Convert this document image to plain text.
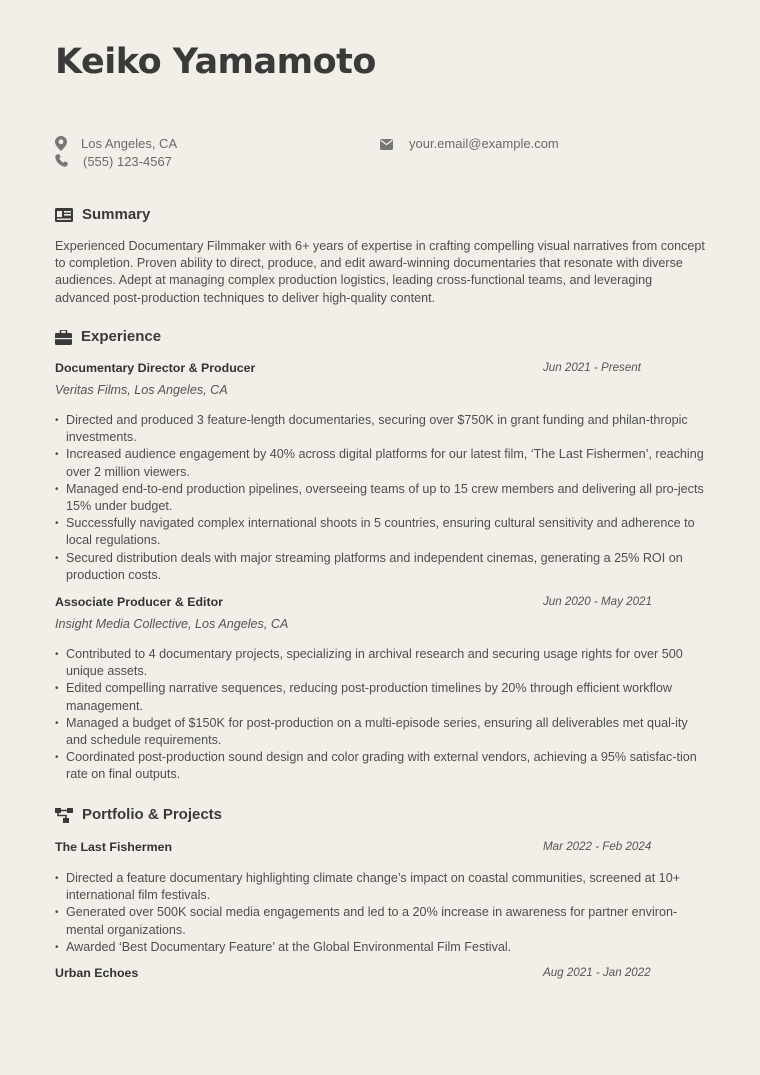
Keiko Yamamoto
Los Angeles, CA
(555) 123-4567
your.email@example.com
Summary

Experienced Documentary Filmmaker with 6+ years of expertise in crafting compelling visual narratives from concept to completion. Proven ability to direct, produce, and edit award-winning documentaries that resonate with diverse audiences. Adept at managing complex production logistics, leading cross-functional teams, and leveraging advanced post-production techniques to deliver high-quality content.

Experience
Documentary Director & Producer	Jun 2021 - Present
Veritas Films, Los Angeles, CA
• Directed and produced 3 feature-length documentaries, securing over $750K in grant funding and philan-thropic investments.
• Increased audience engagement by 40% across digital platforms for our latest film, ‘The Last Fishermen’, reaching over 2 million viewers.
• Managed end-to-end production pipelines, overseeing teams of up to 15 crew members and delivering all pro-jects 15% under budget.
• Successfully navigated complex international shoots in 5 countries, ensuring cultural sensitivity and adherence to local regulations.
• Secured distribution deals with major streaming platforms and independent cinemas, generating a 25% ROI on production costs.
Associate Producer & Editor	Jun 2020 - May 2021
Insight Media Collective, Los Angeles, CA
• Contributed to 4 documentary projects, specializing in archival research and securing usage rights for over 500 unique assets.
• Edited compelling narrative sequences, reducing post-production timelines by 20% through efficient workflow management.
• Managed a budget of $150K for post-production on a multi-episode series, ensuring all deliverables met qual-ity and schedule requirements.
• Coordinated post-production sound design and color grading with external vendors, achieving a 95% satisfac-tion rate on final outputs.
Portfolio & Projects
The Last Fishermen	Mar 2022 - Feb 2024
• Directed a feature documentary highlighting climate change’s impact on coastal communities, screened at 10+ international film festivals.
• Generated over 500K social media engagements and led to a 20% increase in awareness for partner environ-mental organizations.
• Awarded ‘Best Documentary Feature’ at the Global Environmental Film Festival.
Urban Echoes	Aug 2021 - Jan 2022
